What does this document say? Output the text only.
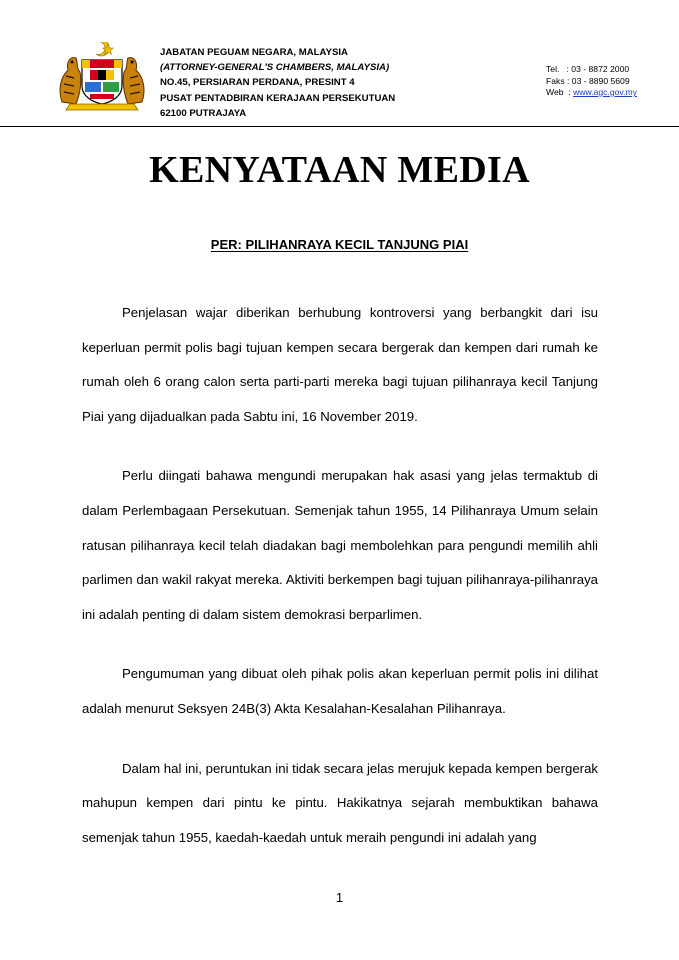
JABATAN PEGUAM NEGARA, MALAYSIA
(ATTORNEY-GENERAL'S CHAMBERS, MALAYSIA)
NO.45, PERSIARAN PERDANA, PRESINT 4
PUSAT PENTADBIRAN KERAJAAN PERSEKUTUAN
62100 PUTRAJAYA
Tel.   : 03 - 8872 2000
Faks : 03 - 8890 5609
Web  : www.agc.gov.my
KENYATAAN MEDIA
PER: PILIHANRAYA KECIL TANJUNG PIAI

Penjelasan wajar diberikan berhubung kontroversi yang berbangkit dari isu keperluan permit polis bagi tujuan kempen secara bergerak dan kempen dari rumah ke rumah oleh 6 orang calon serta parti-parti mereka bagi tujuan pilihanraya kecil Tanjung Piai yang dijadualkan pada Sabtu ini, 16 November 2019.

Perlu diingati bahawa mengundi merupakan hak asasi yang jelas termaktub di dalam Perlembagaan Persekutuan. Semenjak tahun 1955, 14 Pilihanraya Umum selain ratusan pilihanraya kecil telah diadakan bagi membolehkan para pengundi memilih ahli parlimen dan wakil rakyat mereka. Aktiviti berkempen bagi tujuan pilihanraya-pilihanraya ini adalah penting di dalam sistem demokrasi berparlimen.

Pengumuman yang dibuat oleh pihak polis akan keperluan permit polis ini dilihat adalah menurut Seksyen 24B(3) Akta Kesalahan-Kesalahan Pilihanraya.

Dalam hal ini, peruntukan ini tidak secara jelas merujuk kepada kempen bergerak mahupun kempen dari pintu ke pintu. Hakikatnya sejarah membuktikan bahawa semenjak tahun 1955, kaedah-kaedah untuk meraih pengundi ini adalah yang

1
